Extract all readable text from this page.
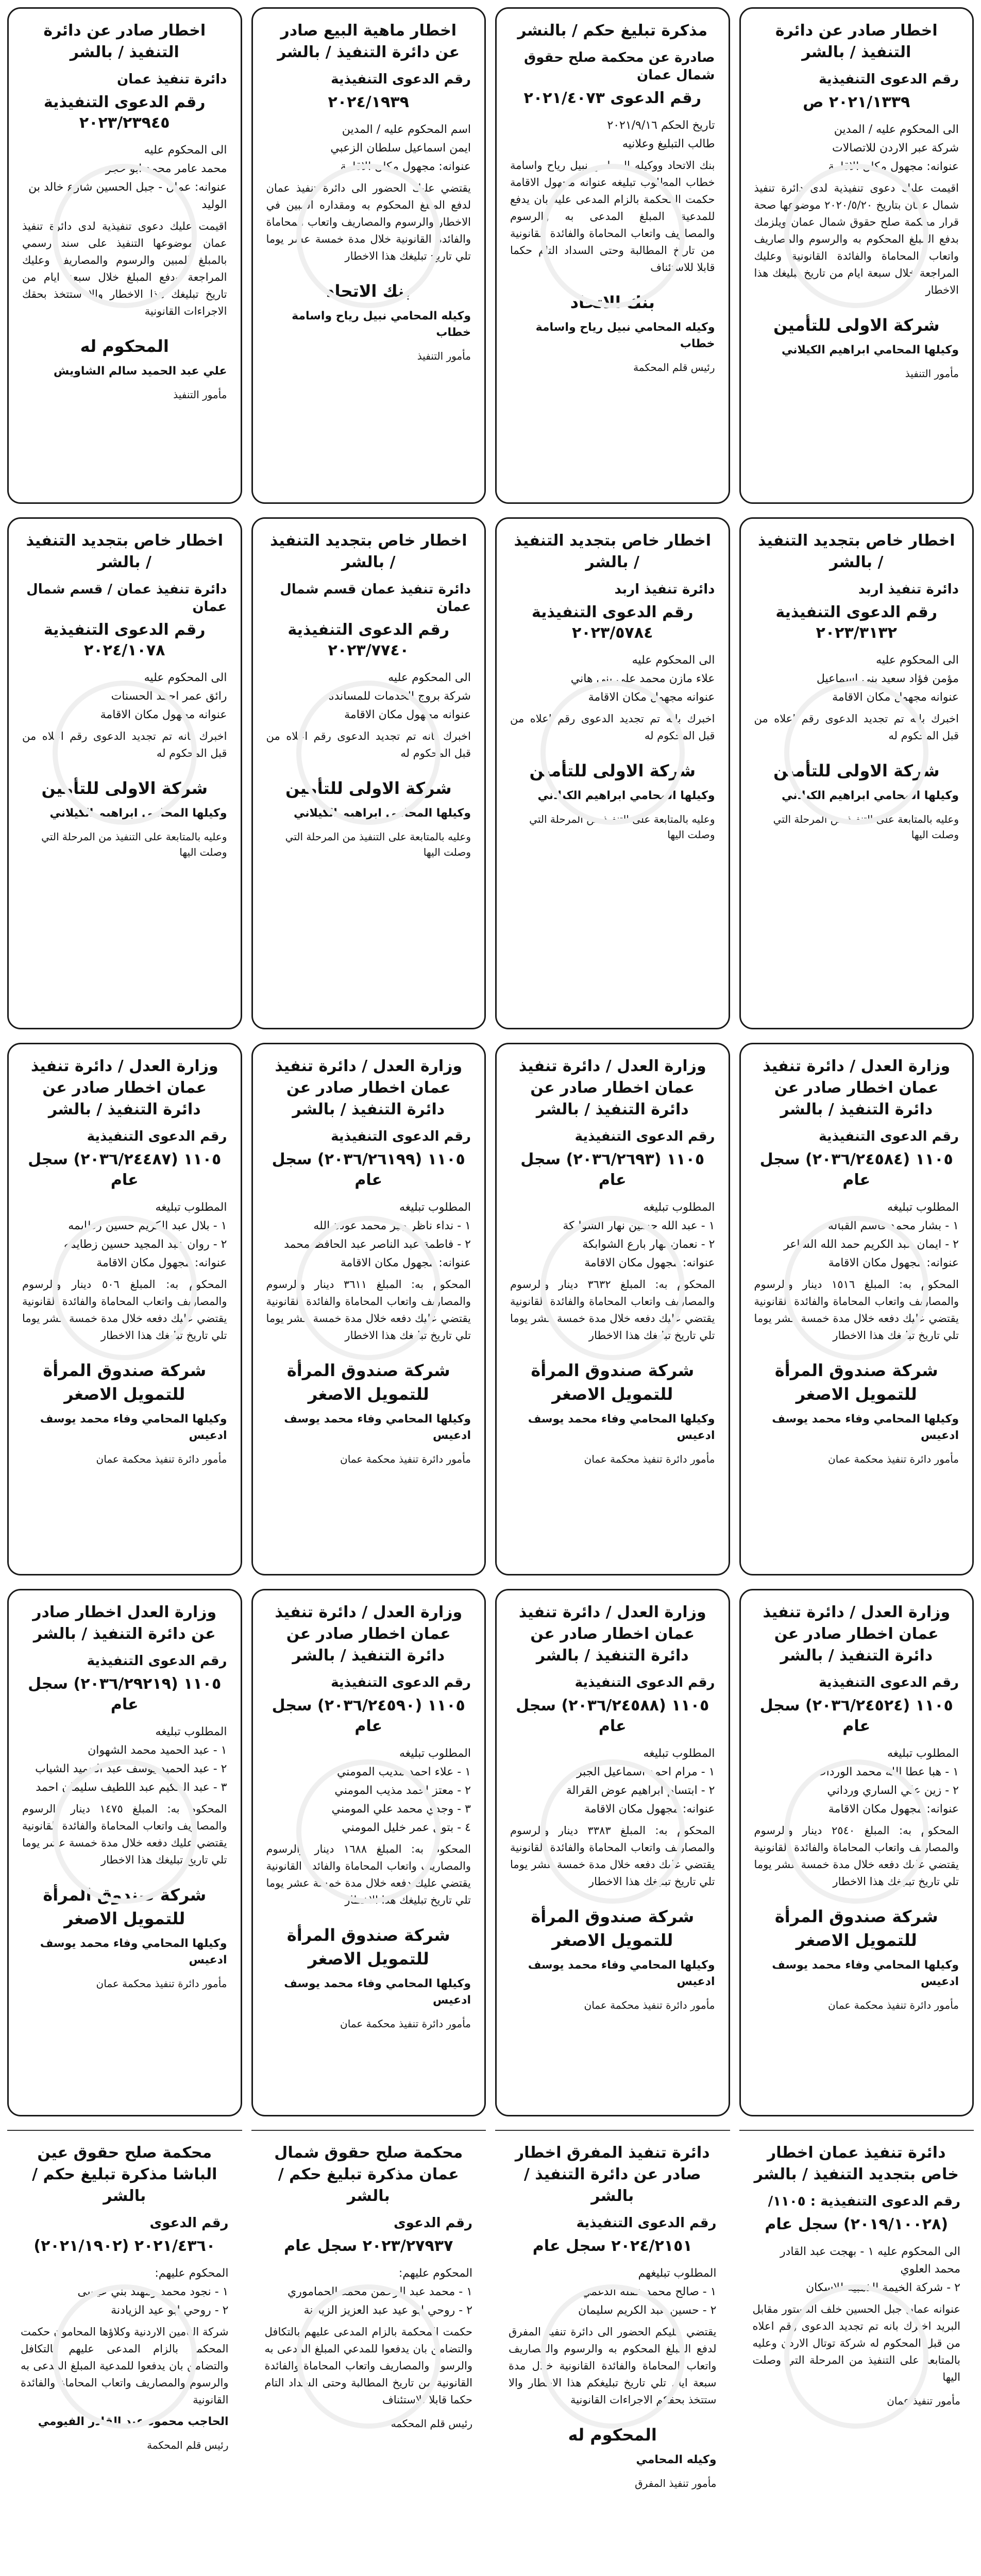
اخطار صادر عن دائرة التنفيذ / بالشر
رقم الدعوى التنفيذية
٢٠٢١/١٣٣٩ ص
الى المحكوم عليه / المدين
شركة عبر الاردن للاتصالات
عنوانه: مجهول مكان الاقامة
اقيمت عليك دعوى تنفيذية لدى دائرة تنفيذ شمال عمان بتاريخ ٢٠٢٠/٥/٢٠ موضوعها صحة قرار محكمة صلح حقوق شمال عمان ويلزمك بدفع المبلغ المحكوم به والرسوم والمصاريف واتعاب المحاماة والفائدة القانونية وعليك المراجعة خلال سبعة ايام من تاريخ تبليغك هذا الاخطار
شركة الاولى للتأمين
وكيلها المحامي ابراهيم الكيلاني
مأمور التنفيذ
مذكرة تبليغ حكم / بالنشر
صادرة عن محكمة صلح حقوق شمال عمان
رقم الدعوى ٢٠٢١/٤٠٧٣
تاريخ الحكم ٢٠٢١/٩/١٦
طالب التبليغ وعلانيه
بنك الاتحاد ووكيله المحامي نبيل رياح واسامة خطاب المطلوب تبليغه عنوانه مجهول الاقامة حكمت المحكمة بالزام المدعى عليه بان يدفع للمدعية المبلغ المدعى به والرسوم والمصاريف واتعاب المحاماة والفائدة القانونية من تاريخ المطالبة وحتى السداد التام حكما قابلا للاستئناف
بنك الاتحاد
وكيله المحامي نبيل رياح واسامة خطاب
رئيس قلم المحكمة
اخطار ماهية البيع صادر عن دائرة التنفيذ / بالشر
رقم الدعوى التنفيذية
٢٠٢٤/١٩٣٩
اسم المحكوم عليه / المدين
ايمن اسماعيل سلطان الزعبي
عنوانه: مجهول مكان الاقامة
يقتضي عليك الحضور الى دائرة تنفيذ عمان لدفع المبلغ المحكوم به ومقداره المبين في الاخطار والرسوم والمصاريف واتعاب المحاماة والفائدة القانونية خلال مدة خمسة عشر يوما تلي تاريخ تبليغك هذا الاخطار
بنك الاتحاد
وكيله المحامي نبيل رياح واسامة خطاب
مأمور التنفيذ
اخطار صادر عن دائرة التنفيذ / بالشر
دائرة تنفيذ عمان
رقم الدعوى التنفيذية ٢٠٢٣/٢٣٩٤٥
الى المحكوم عليه
محمد عامر محمد ابو حجر
عنوانه: عمان - جبل الحسين شارع خالد بن الوليد
اقيمت عليك دعوى تنفيذية لدى دائرة تنفيذ عمان موضوعها التنفيذ على سند رسمي بالمبلغ المبين والرسوم والمصاريف وعليك المراجعة ودفع المبلغ خلال سبعة ايام من تاريخ تبليغك هذا الاخطار والا ستتخذ بحقك الاجراءات القانونية
المحكوم له
علي عبد الحميد سالم الشاويش
مأمور التنفيذ
اخطار خاص بتجديد التنفيذ / بالشر
دائرة تنفيذ اربد
رقم الدعوى التنفيذية ٢٠٢٣/٣١٣٢
الى المحكوم عليه
مؤمن فؤاد سعيد بني اسماعيل
عنوانه مجهول مكان الاقامة
اخبرك بانه تم تجديد الدعوى رقم اعلاه من قبل المحكوم له
شركة الاولى للتأمين
وكيلها المحامي ابراهيم الكيلاني
وعليه بالمتابعة على التنفيذ من المرحلة التي وصلت اليها
اخطار خاص بتجديد التنفيذ / بالشر
دائرة تنفيذ اربد
رقم الدعوى التنفيذية ٢٠٢٣/٥٧٨٤
الى المحكوم عليه
علاء مازن محمد علي بني هاني
عنوانه مجهول مكان الاقامة
اخبرك بانه تم تجديد الدعوى رقم اعلاه من قبل المحكوم له
شركة الاولى للتأمين
وكيلها المحامي ابراهيم الكيلاني
وعليه بالمتابعة على التنفيذ من المرحلة التي وصلت اليها
اخطار خاص بتجديد التنفيذ / بالشر
دائرة تنفيذ عمان قسم شمال عمان
رقم الدعوى التنفيذية ٢٠٢٣/٧٧٤٠
الى المحكوم عليه
شركة بروج الخدمات للمساندة
عنوانه مجهول مكان الاقامة
اخبرك بانه تم تجديد الدعوى رقم اعلاه من قبل المحكوم له
شركة الاولى للتأمين
وكيلها المحامي ابراهيم الكيلاني
وعليه بالمتابعة على التنفيذ من المرحلة التي وصلت اليها
اخطار خاص بتجديد التنفيذ / بالشر
دائرة تنفيذ عمان / قسم شمال عمان
رقم الدعوى التنفيذية ٢٠٢٤/١٠٧٨
الى المحكوم عليه
رائق عمر احمد الحسنات
عنوانه مجهول مكان الاقامة
اخبرك بانه تم تجديد الدعوى رقم اعلاه من قبل المحكوم له
شركة الاولى للتأمين
وكيلها المحامي ابراهيم الكيلاني
وعليه بالمتابعة على التنفيذ من المرحلة التي وصلت اليها
وزارة العدل / دائرة تنفيذ عمان اخطار صادر عن دائرة التنفيذ / بالشر
رقم الدعوى التنفيذية
١١٠٥ (٢٠٣٦/٢٤٥٨٤) سجل عام
المطلوب تبليغه
١ - بشار محمد قاسم القبالة
٢ - ايمان عبد الكريم حمد الله الشاعر
عنوانه: مجهول مكان الاقامة
المحكوم به: المبلغ ١٥١٦ دينار والرسوم والمصاريف واتعاب المحاماة والفائدة القانونية يقتضي عليك دفعه خلال مدة خمسة عشر يوما تلي تاريخ تبليغك هذا الاخطار
شركة صندوق المرأة للتمويل الاصغر
وكيلها المحامي وفاء محمد يوسف ادعيس
مأمور دائرة تنفيذ محكمة عمان
وزارة العدل / دائرة تنفيذ عمان اخطار صادر عن دائرة التنفيذ / بالشر
رقم الدعوى التنفيذية
١١٠٥ (٢٠٣٦/٢٦٩٣) سجل عام
المطلوب تبليغه
١ - عبد الله حسين نهار الشوابكة
٢ - نعمان نهار بارع الشوابكة
عنوانه: مجهول مكان الاقامة
المحكوم به: المبلغ ٣٦٣٢ دينار والرسوم والمصاريف واتعاب المحاماة والفائدة القانونية يقتضي عليك دفعه خلال مدة خمسة عشر يوما تلي تاريخ تبليغك هذا الاخطار
شركة صندوق المرأة للتمويل الاصغر
وكيلها المحامي وفاء محمد يوسف ادعيس
مأمور دائرة تنفيذ محكمة عمان
وزارة العدل / دائرة تنفيذ عمان اخطار صادر عن دائرة التنفيذ / بالشر
رقم الدعوى التنفيذية
١١٠٥ (٢٠٣٦/٢٦١٩٩) سجل عام
المطلوب تبليغه
١ - نداء ناظر جبر محمد عودة الله
٢ - فاطمة عبد الناصر عبد الحافظ محمد
عنوانه: مجهول مكان الاقامة
المحكوم به: المبلغ ٣٦١١ دينار والرسوم والمصاريف واتعاب المحاماة والفائدة القانونية يقتضي عليك دفعه خلال مدة خمسة عشر يوما تلي تاريخ تبليغك هذا الاخطار
شركة صندوق المرأة للتمويل الاصغر
وكيلها المحامي وفاء محمد يوسف ادعيس
مأمور دائرة تنفيذ محكمة عمان
وزارة العدل / دائرة تنفيذ عمان اخطار صادر عن دائرة التنفيذ / بالشر
رقم الدعوى التنفيذية
١١٠٥ (٢٠٣٦/٢٤٤٨٧) سجل عام
المطلوب تبليغه
١ - بلال عبد الكريم حسين زطايمه
٢ - روان عبد المجيد حسين زطايمه
عنوانه: مجهول مكان الاقامة
المحكوم به: المبلغ ٥٠٦ دينار والرسوم والمصاريف واتعاب المحاماة والفائدة القانونية يقتضي عليك دفعه خلال مدة خمسة عشر يوما تلي تاريخ تبليغك هذا الاخطار
شركة صندوق المرأة للتمويل الاصغر
وكيلها المحامي وفاء محمد يوسف ادعيس
مأمور دائرة تنفيذ محكمة عمان
وزارة العدل / دائرة تنفيذ عمان اخطار صادر عن دائرة التنفيذ / بالشر
رقم الدعوى التنفيذية
١١٠٥ (٢٠٣٦/٢٤٥٢٤) سجل عام
المطلوب تبليغه
١ - هبا عطا الله محمد الوردات
٢ - زين علي الساري ورداني
عنوانه: مجهول مكان الاقامة
المحكوم به: المبلغ ٢٥٤٠ دينار والرسوم والمصاريف واتعاب المحاماة والفائدة القانونية يقتضي عليك دفعه خلال مدة خمسة عشر يوما تلي تاريخ تبليغك هذا الاخطار
شركة صندوق المرأة للتمويل الاصغر
وكيلها المحامي وفاء محمد يوسف ادعيس
مأمور دائرة تنفيذ محكمة عمان
وزارة العدل / دائرة تنفيذ عمان اخطار صادر عن دائرة التنفيذ / بالشر
رقم الدعوى التنفيذية
١١٠٥ (٢٠٣٦/٢٤٥٨٨) سجل عام
المطلوب تبليغه
١ - مرام احمد اسماعيل الجبر
٢ - ابتسام ابراهيم عوض القرالة
عنوانه: مجهول مكان الاقامة
المحكوم به: المبلغ ٣٣٨٣ دينار والرسوم والمصاريف واتعاب المحاماة والفائدة القانونية يقتضي عليك دفعه خلال مدة خمسة عشر يوما تلي تاريخ تبليغك هذا الاخطار
شركة صندوق المرأة للتمويل الاصغر
وكيلها المحامي وفاء محمد يوسف ادعيس
مأمور دائرة تنفيذ محكمة عمان
وزارة العدل / دائرة تنفيذ عمان اخطار صادر عن دائرة التنفيذ / بالشر
رقم الدعوى التنفيذية
١١٠٥ (٢٠٣٦/٢٤٥٩٠) سجل عام
المطلوب تبليغه
١ - علاء احمد مذيب المومني
٢ - معتز احمد مذيب المومني
٣ - وجدي محمد علي المومني
٤ - بتول عمر خليل المومني
المحكوم به: المبلغ ١٦٨٨ دينار والرسوم والمصاريف واتعاب المحاماة والفائدة القانونية يقتضي عليك دفعه خلال مدة خمسة عشر يوما تلي تاريخ تبليغك هذا الاخطار
شركة صندوق المرأة للتمويل الاصغر
وكيلها المحامي وفاء محمد يوسف ادعيس
مأمور دائرة تنفيذ محكمة عمان
وزارة العدل اخطار صادر عن دائرة التنفيذ / بالشر
رقم الدعوى التنفيذية
١١٠٥ (٢٠٣٦/٢٩٢١٩) سجل عام
المطلوب تبليغه
١ - عبد الحميد محمد الشهوان
٢ - عبد الحميد يوسف عبد الحميد الشياب
٣ - عبد الحكيم عبد اللطيف سليمان احمد
المحكوم به: المبلغ ١٤٧٥ دينار والرسوم والمصاريف واتعاب المحاماة والفائدة القانونية يقتضي عليك دفعه خلال مدة خمسة عشر يوما تلي تاريخ تبليغك هذا الاخطار
شركة صندوق المرأة للتمويل الاصغر
وكيلها المحامي وفاء محمد يوسف ادعيس
مأمور دائرة تنفيذ محكمة عمان
دائرة تنفيذ عمان اخطار خاص بتجديد التنفيذ / بالشر
رقم الدعوى التنفيذية : ١١٠٥/
(٢٠١٩/١٠٠٢٨) سجل عام
الى المحكوم عليه ١ - بهجت عبد القادر محمد العلوي
٢ - شركة الخيمة الذهبية للاسكان
عنوانه عمان جبل الحسين خلف الدستور مقابل البريد اخبرك بانه تم تجديد الدعوى رقم اعلاه من قبل المحكوم له شركة توتال الاردن وعليه بالمتابعة على التنفيذ من المرحلة التي وصلت اليها
مأمور تنفيذ عمان
دائرة تنفيذ المفرق اخطار صادر عن دائرة التنفيذ / بالشر
رقم الدعوى التنفيذية
٢٠٢٤/٢١٥١ سجل عام
المطلوب تبليغهم
١ - صالح محمد عقلة الدغمي
٢ - حسين عبد الكريم سليمان
يقتضي عليكم الحضور الى دائرة تنفيذ المفرق لدفع المبلغ المحكوم به والرسوم والمصاريف واتعاب المحاماة والفائدة القانونية خلال مدة سبعة ايام تلي تاريخ تبليغكم هذا الاخطار والا ستتخذ بحقكم الاجراءات القانونية
المحكوم له
وكيله المحامي
مأمور تنفيذ المفرق
محكمة صلح حقوق شمال عمان مذكرة تبليغ حكم / بالشر
رقم الدعوى
٢٠٢٣/٢٧٩٣٧ سجل عام
المحكوم عليهم:
١ - محمد عبد الرحمن محمد الحماموري
٢ - روحي ابو عيد عبد العزيز الزيادنة
حكمت المحكمة بالزام المدعى عليهم بالتكافل والتضامن بان يدفعوا للمدعي المبلغ المدعى به والرسوم والمصاريف واتعاب المحاماة والفائدة القانونية من تاريخ المطالبة وحتى السداد التام حكما قابلا للاستئناف
رئيس قلم المحكمة
محكمة صلح حقوق عين الباشا مذكرة تبليغ حكم / بالشر
رقم الدعوى
٢٠٢١/٤٣٦٠ (٢٠٢١/١٩٠٢)
المحكوم عليهم:
١ - نجود محمد ومهند بني عيسى
٢ - روحي ابو عيد الزيادنة
شركة التأمين الاردنية وكلاؤها المحامون حكمت المحكمة بالزام المدعى عليهم بالتكافل والتضامن بان يدفعوا للمدعية المبلغ المدعى به والرسوم والمصاريف واتعاب المحاماة والفائدة القانونية
الحاجب محمود عبد القادر الفيومي
رئيس قلم المحكمة
